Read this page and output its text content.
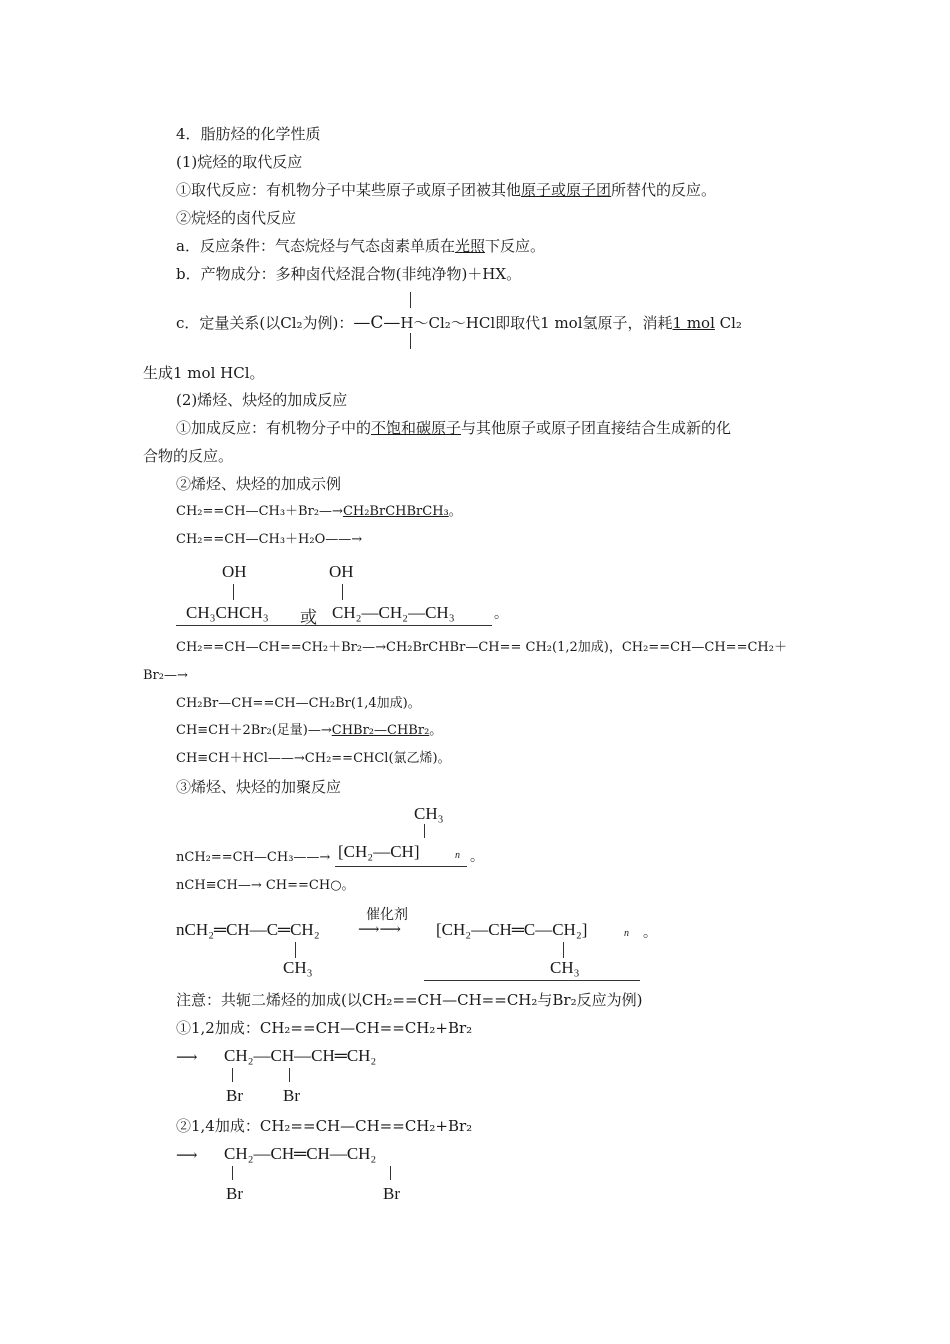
4．脂肪烃的化学性质
(1)烷烃的取代反应
①取代反应：有机物分子中某些原子或原子团被其他原子或原子团所替代的反应。
②烷烃的卤代反应
a．反应条件：气态烷烃与气态卤素单质在光照下反应。
b．产物成分：多种卤代烃混合物(非纯净物)＋HX。
c．定量关系(以Cl₂为例)：—C—H～Cl₂～HCl即取代1 mol氢原子，消耗1 mol Cl₂
生成1 mol HCl。
(2)烯烃、炔烃的加成反应
①加成反应：有机物分子中的不饱和碳原子与其他原子或原子团直接结合生成新的化
合物的反应。
②烯烃、炔烃的加成示例
CH₂==CH—CH₃＋Br₂—→CH₂BrCHBrCH₃。
CH₂==CH—CH₃＋H₂O——→
OH	OH
CH₃CHCH₃ 或 CH₂—CH₂—CH₃	。
CH₂==CH—CH==CH₂＋Br₂—→CH₂BrCHBr—CH== CH₂(1,2加成)，CH₂==CH—CH==CH₂＋
Br₂—→
CH₂Br—CH==CH—CH₂Br(1,4加成)。
CH≡CH＋2Br₂(足量)—→CHBr₂—CHBr₂。
CH≡CH＋HCl——→CH₂==CHCl(氯乙烯)。
③烯烃、炔烃的加聚反应
CH₃
nCH₂==CH—CH₃——→ [CH₂—CH]	n 。
nCH≡CH—→ CH==CH○。
nCH₂═CH—C═CH₂
催化剂
⟶⟶ [CH₂—CH═C—CH₂]	n 。
CH₃	CH₃
注意：共轭二烯烃的加成(以CH₂==CH—CH==CH₂与Br₂反应为例)
①1,2加成：CH₂==CH—CH==CH₂+Br₂
⟶ CH₂—CH—CH═CH₂
Br Br
②1,4加成：CH₂==CH—CH==CH₂+Br₂
⟶ CH₂—CH═CH—CH₂
Br	Br
